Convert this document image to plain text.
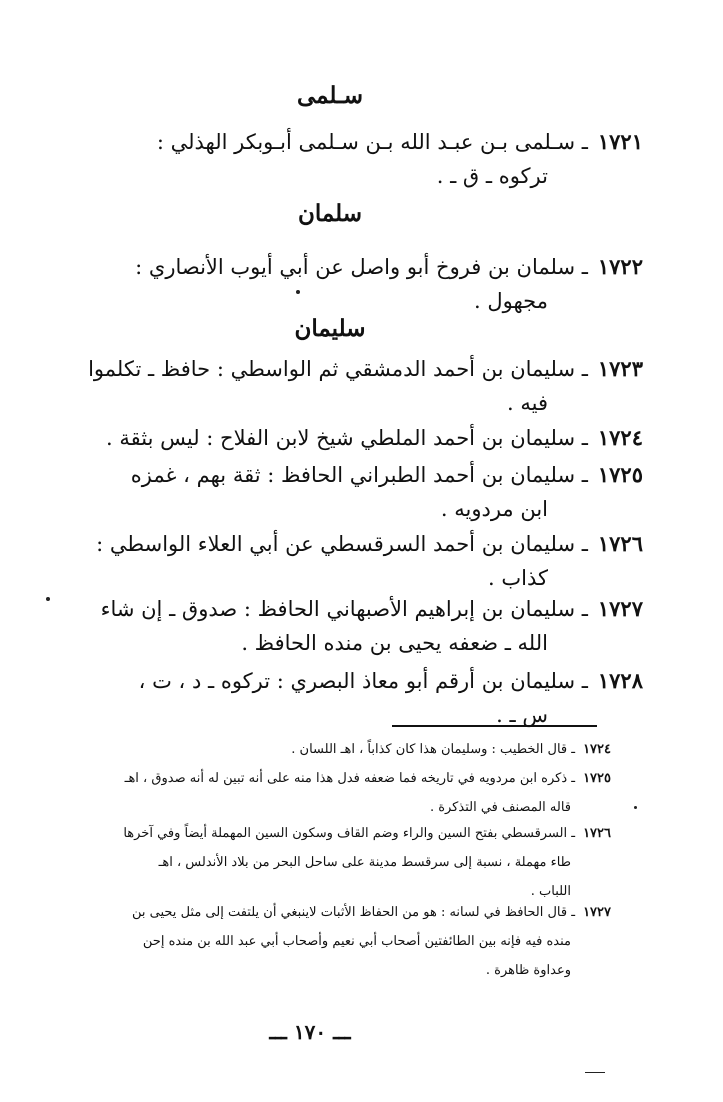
سـلمى
١٧٢١ـ سـلمى بـن عبـد الله بـن سـلمى أبـوبكر الهذلي :
تركوه ـ ق ـ .
سلمان
١٧٢٢ـ سلمان بن فروخ أبو واصل عن أبي أيوب الأنصاري :
مجهول .
سليمان
١٧٢٣ـ سليمان بن أحمد الدمشقي ثم الواسطي : حافظ ـ تكلموا
فيه .
١٧٢٤ـ سليمان بن أحمد الملطي شيخ لابن الفلاح : ليس بثقة .
١٧٢٥ـ سليمان بن أحمد الطبراني الحافظ : ثقة بهم ، غمزه
ابن مردويه .
١٧٢٦ـ سليمان بن أحمد السرقسطي عن أبي العلاء الواسطي :
كذاب .
١٧٢٧ـ سليمان بن إبراهيم الأصبهاني الحافظ : صدوق ـ إن شاء
الله ـ ضعفه يحيى بن منده الحافظ .
١٧٢٨ـ سليمان بن أرقم أبو معاذ البصري : تركوه ـ د ، ت ،
س ـ .
١٧٢٤ـ قال الخطيب : وسليمان هذا كان كذاباً ، اهـ اللسان .
١٧٢٥ـ ذكره ابن مردويه في تاريخه فما ضعفه فدل هذا منه على أنه تبين له أنه صدوق ، اهـ
قاله المصنف في التذكرة .
١٧٢٦ـ السرقسطي بفتح السين والراء وضم القاف وسكون السين المهملة أيضاً وفي آخرها
طاء مهملة ، نسبة إلى سرقسط مدينة على ساحل البحر من بلاد الأندلس ، اهـ
اللباب .
١٧٢٧ـ قال الحافظ في لسانه : هو من الحفاظ الأثبات لاينبغي أن يلتفت إلى مثل يحيى بن
منده فيه فإنه بين الطائفتين أصحاب أبي نعيم وأصحاب أبي عبد الله بن منده إحن
وعداوة ظاهرة .
ـــ ١٧٠ ـــ
